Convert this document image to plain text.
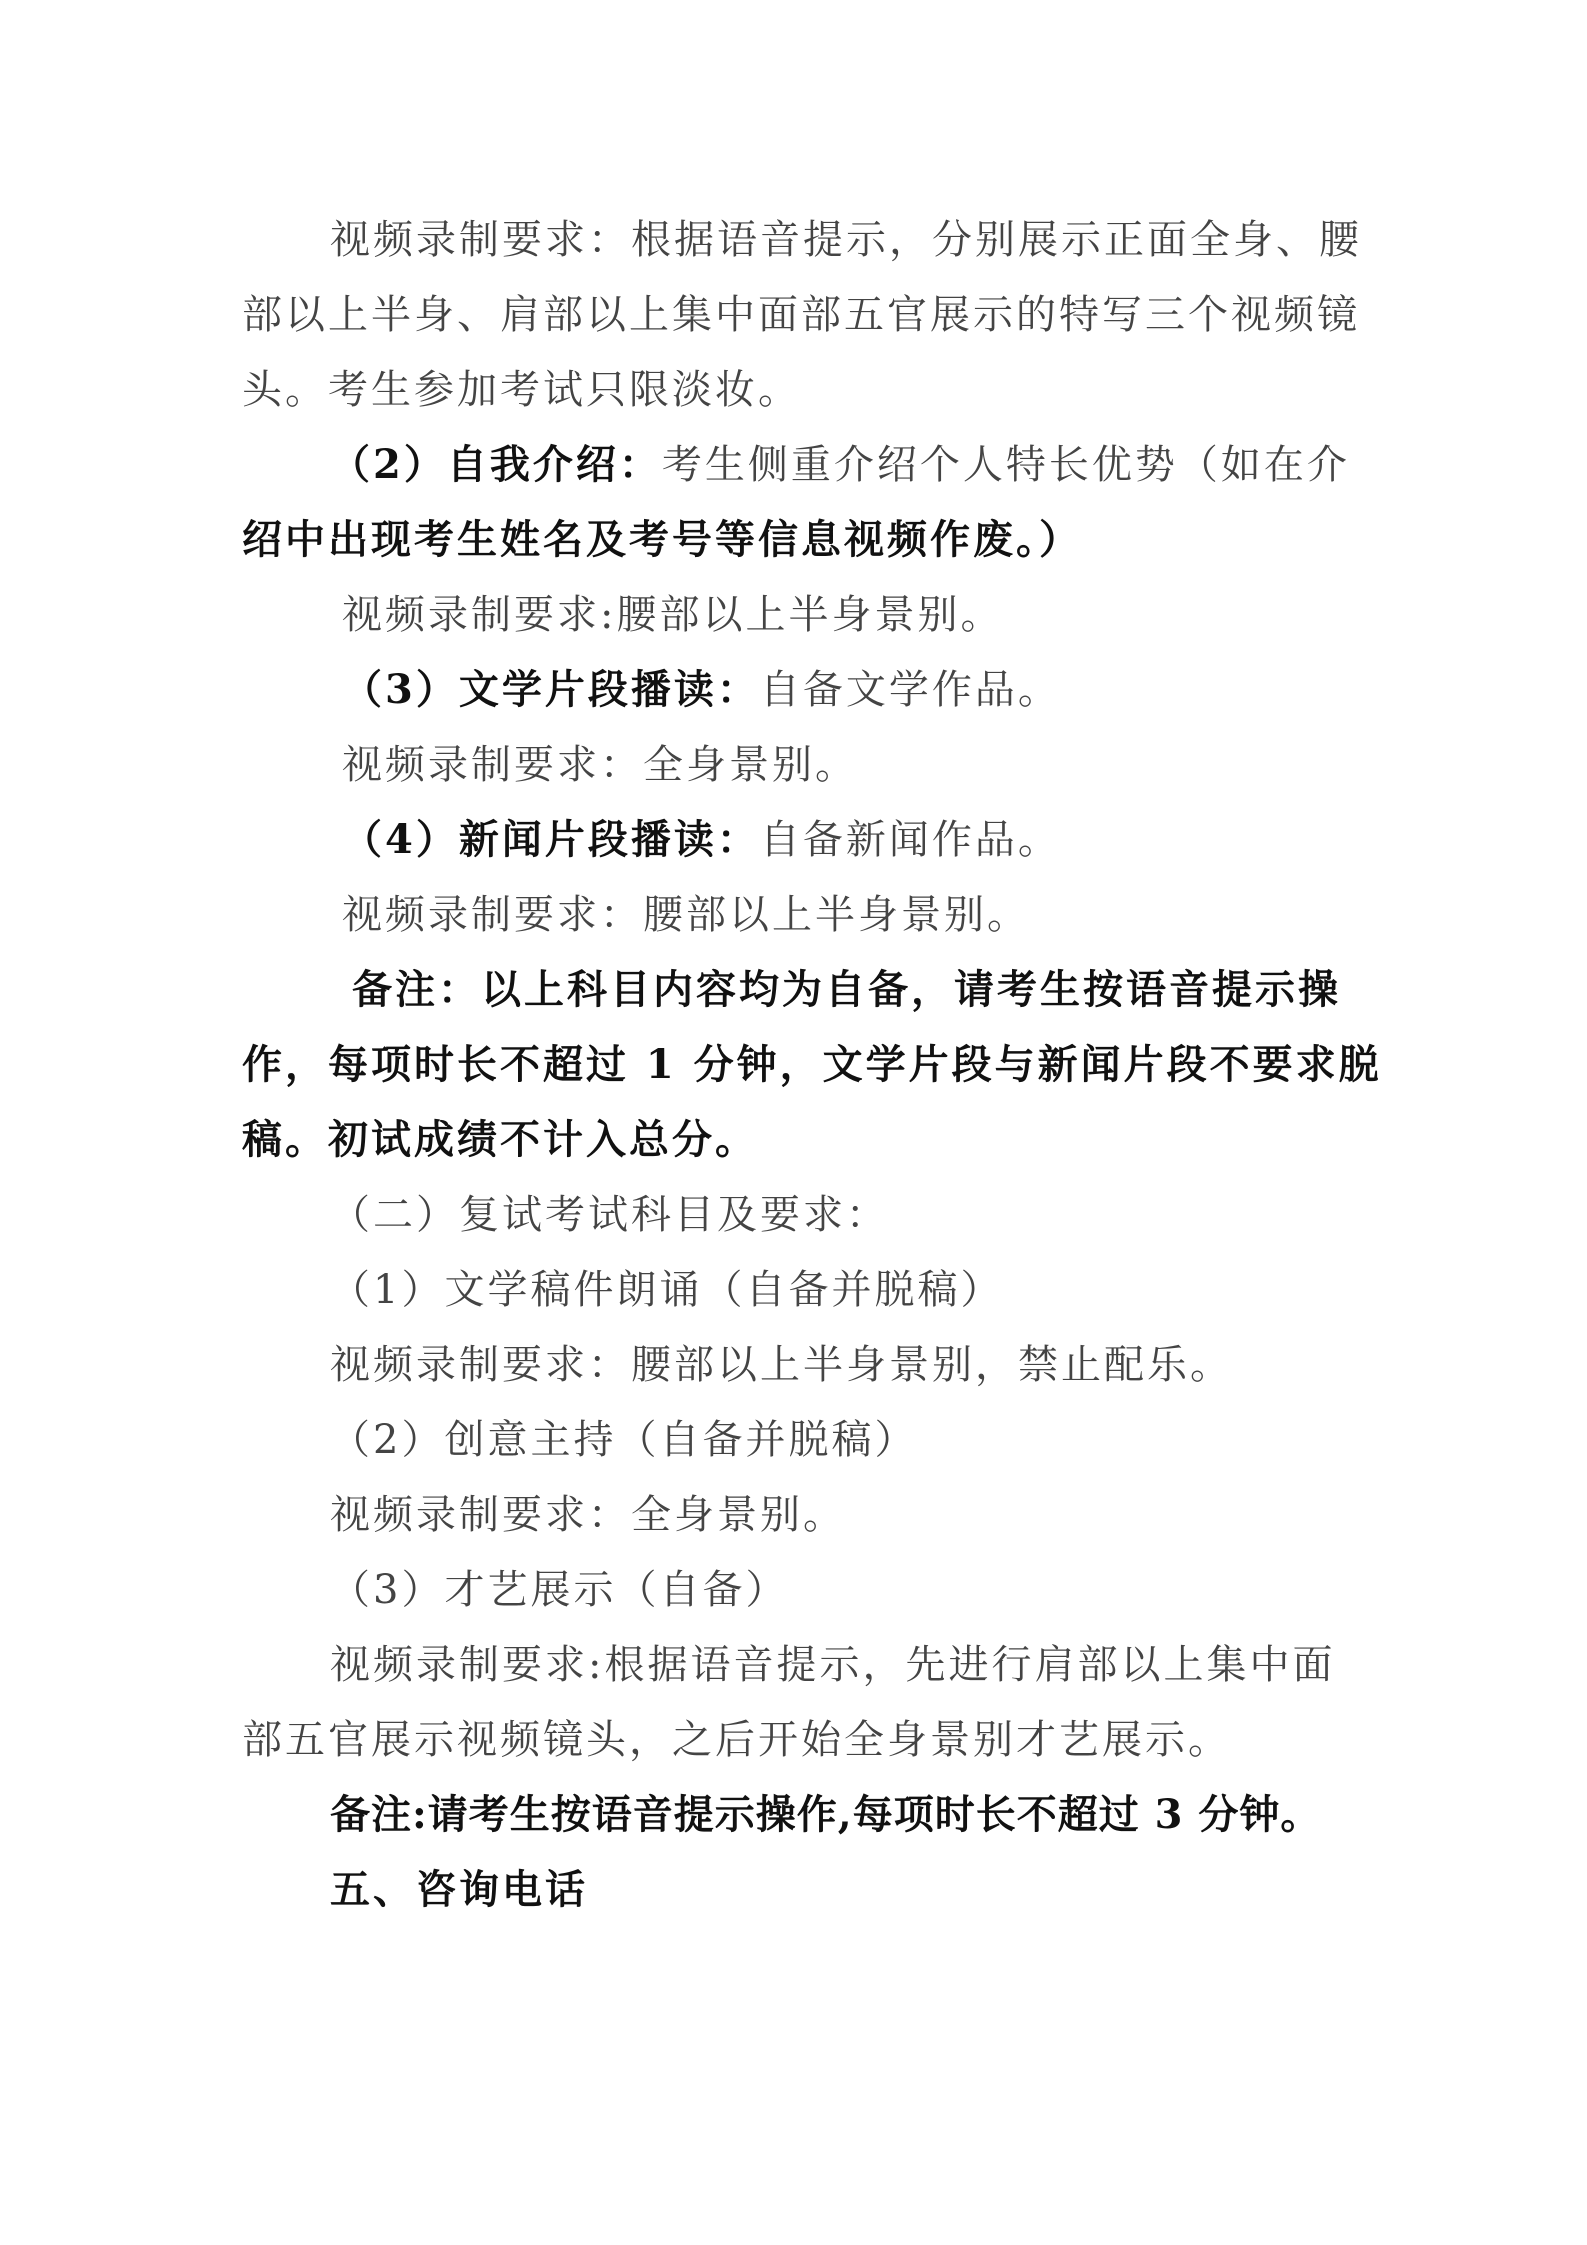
视频录制要求：根据语音提示，分别展示正面全身、腰
部以上半身、肩部以上集中面部五官展示的特写三个视频镜
头。考生参加考试只限淡妆。
（2）自我介绍：考生侧重介绍个人特长优势（如在介
绍中出现考生姓名及考号等信息视频作废。）
视频录制要求:腰部以上半身景别。
（3）文学片段播读：自备文学作品。
视频录制要求：全身景别。
（4）新闻片段播读：自备新闻作品。
视频录制要求：腰部以上半身景别。
备注：以上科目内容均为自备，请考生按语音提示操
作，每项时长不超过 1 分钟，文学片段与新闻片段不要求脱
稿。初试成绩不计入总分。
（二）复试考试科目及要求：
（1）文学稿件朗诵（自备并脱稿）
视频录制要求：腰部以上半身景别，禁止配乐。
（2）创意主持（自备并脱稿）
视频录制要求：全身景别。
（3）才艺展示（自备）
视频录制要求:根据语音提示，先进行肩部以上集中面
部五官展示视频镜头，之后开始全身景别才艺展示。
备注:请考生按语音提示操作,每项时长不超过 3 分钟。
五、咨询电话
